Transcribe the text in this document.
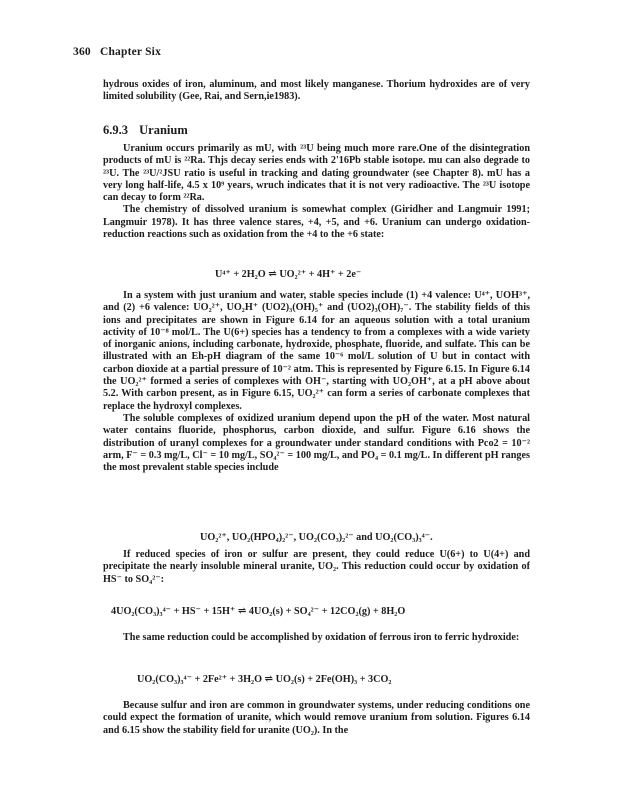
360 Chapter Six

hydrous oxides of iron, aluminum, and most likely manganese. Thorium hydroxides are of very limited solubility (Gee, Rai, and Sern,ie1983).

6.9.3 Uranium

Uranium occurs primarily as mU, with ²³U being much more rare.One of the disintegration products of mU is ²²Ra. Thjs decay series ends with 2'16Pb stable isotope. mu can also degrade to ²³U. The ²³U/²JSU ratio is useful in tracking and dating groundwater (see Chapter 8). mU has a very long half-life, 4.5 x 10⁹ years, wruch indicates that it is not very radioactive. The ²³U isotope can decay to form ²²Ra.

The chemistry of dissolved uranium is somewhat complex (Giridher and Langmuir 1991; Langmuir 1978). It has three valence stares, +4, +5, and +6. Uranium can undergo oxidation-reduction reactions such as oxidation from the +4 to the +6 state:

U⁴⁺ + 2H₂O ⇌ UO₂²⁺ + 4H⁺ + 2e⁻

In a system with just uranium and water, stable species include (1) +4 valence: U⁴⁺, UOH³⁺, and (2) +6 valence: UO₂²⁺, UO₂H⁺ (UO2)₃(OH)₅⁺ and (UO2)₃(OH)₇⁻. The stability fields of this ions and precipitates are shown in Figure 6.14 for an aqueous solution with a total uranium activity of 10⁻⁸ mol/L. The U(6+) species has a tendency to from a complexes with a wide variety of inorganic anions, including carbonate, hydroxide, phosphate, fluoride, and sulfate. This can be illustrated with an Eh-pH diagram of the same 10⁻⁶ mol/L solution of U but in contact with carbon dioxide at a partial pressure of 10⁻² atm. This is represented by Figure 6.15. In Figure 6.14 the UO₂²⁺ formed a series of complexes with OH⁻, starting with UO₂OH⁺, at a pH above about 5.2. With carbon present, as in Figure 6.15, UO₂²⁺ can form a series of carbonate complexes that replace the hydroxyl complexes.

The soluble complexes of oxidized uranium depend upon the pH of the water. Most natural water contains fluoride, phosphorus, carbon dioxide, and sulfur. Figure 6.16 shows the distribution of uranyl complexes for a groundwater under standard conditions with Pco2 = 10⁻² arm, F⁻ = 0.3 mg/L, Cl⁻ = 10 mg/L, SO₄²⁻ = 100 mg/L, and PO₄ = 0.1 mg/L. In different pH ranges the most prevalent stable species include

UO₂²⁺, UO₂(HPO₄)₂²⁻, UO₂(CO₃)₂²⁻ and UO₂(CO₃)₃⁴⁻.

If reduced species of iron or sulfur are present, they could reduce U(6+) to U(4+) and precipitate the nearly insoluble mineral uranite, UO₂. This reduction could occur by oxidation of HS⁻ to SO₄²⁻:

4UO₂(CO₃)₃⁴⁻ + HS⁻ + 15H⁺ ⇌ 4UO₂(s) + SO₄²⁻ + 12CO₂(g) + 8H₂O

The same reduction could be accomplished by oxidation of ferrous iron to ferric hydroxide:

UO₂(CO₃)₃⁴⁻ + 2Fe²⁺ + 3H₂O ⇌ UO₂(s) + 2Fe(OH)₃ + 3CO₂

Because sulfur and iron are common in groundwater systems, under reducing conditions one could expect the formation of uranite, which would remove uranium from solution. Figures 6.14 and 6.15 show the stability field for uranite (UO₂). In the
